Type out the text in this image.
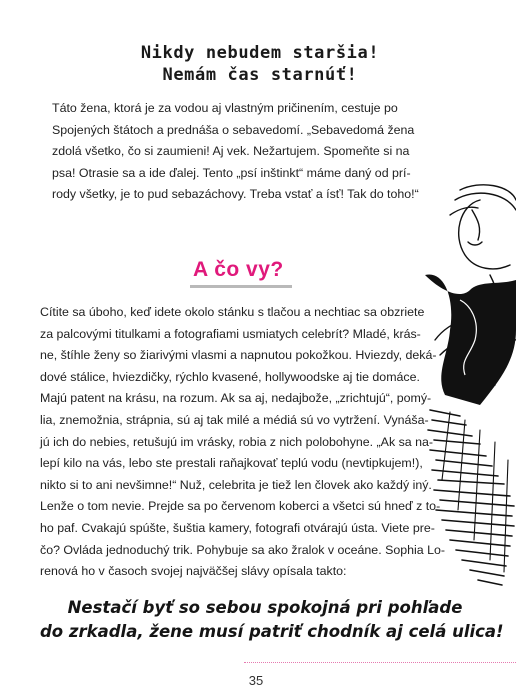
Nikdy nebudem staršia!
Nemám čas starnúť!

Táto žena, ktorá je za vodou aj vlastným pričinením, cestuje po
Spojených štátoch a prednáša o sebavedomí. „Sebavedomá žena
zdolá všetko, čo si zaumieni! Aj vek. Nežartujem. Spomeňte si na
psa! Otrasie sa a ide ďalej. Tento „psí inštinkt“ máme daný od prí-
rody všetky, je to pud sebazáchovy. Treba vstať a ísť! Tak do toho!“

A čo vy?

Cítite sa úboho, keď idete okolo stánku s tlačou a nechtiac sa obzriete
za palcovými titulkami a fotografiami usmiatych celebrít? Mladé, krás-
ne, štíhle ženy so žiarivými vlasmi a napnutou pokožkou. Hviezdy, deká-
dové stálice, hviezdičky, rýchlo kvasené, hollywoodske aj tie domáce.
Majú patent na krásu, na rozum. Ak sa aj, nedajbože, „zrichtujú“, pomý-
lia, znemožnia, strápnia, sú aj tak milé a médiá sú vo vytržení. Vynáša-
jú ich do nebies, retušujú im vrásky, robia z nich polobohyne. „Ak sa na-
lepí kilo na vás, lebo ste prestali raňajkovať teplú vodu (nevtipkujem!),
nikto si to ani nevšimne!“ Nuž, celebrita je tiež len človek ako každý iný.
Lenže o tom nevie. Prejde sa po červenom koberci a všetci sú hneď z to-
ho paf. Cvakajú spúšte, šuštia kamery, fotografi otvárajú ústa. Viete pre-
čo? Ovláda jednoduchý trik. Pohybuje sa ako žralok v oceáne. Sophia Lo-
renová ho v časoch svojej najväčšej slávy opísala takto:

Nestačí byť so sebou spokojná pri pohľade
do zrkadla, žene musí patriť chodník aj celá ulica!

35
